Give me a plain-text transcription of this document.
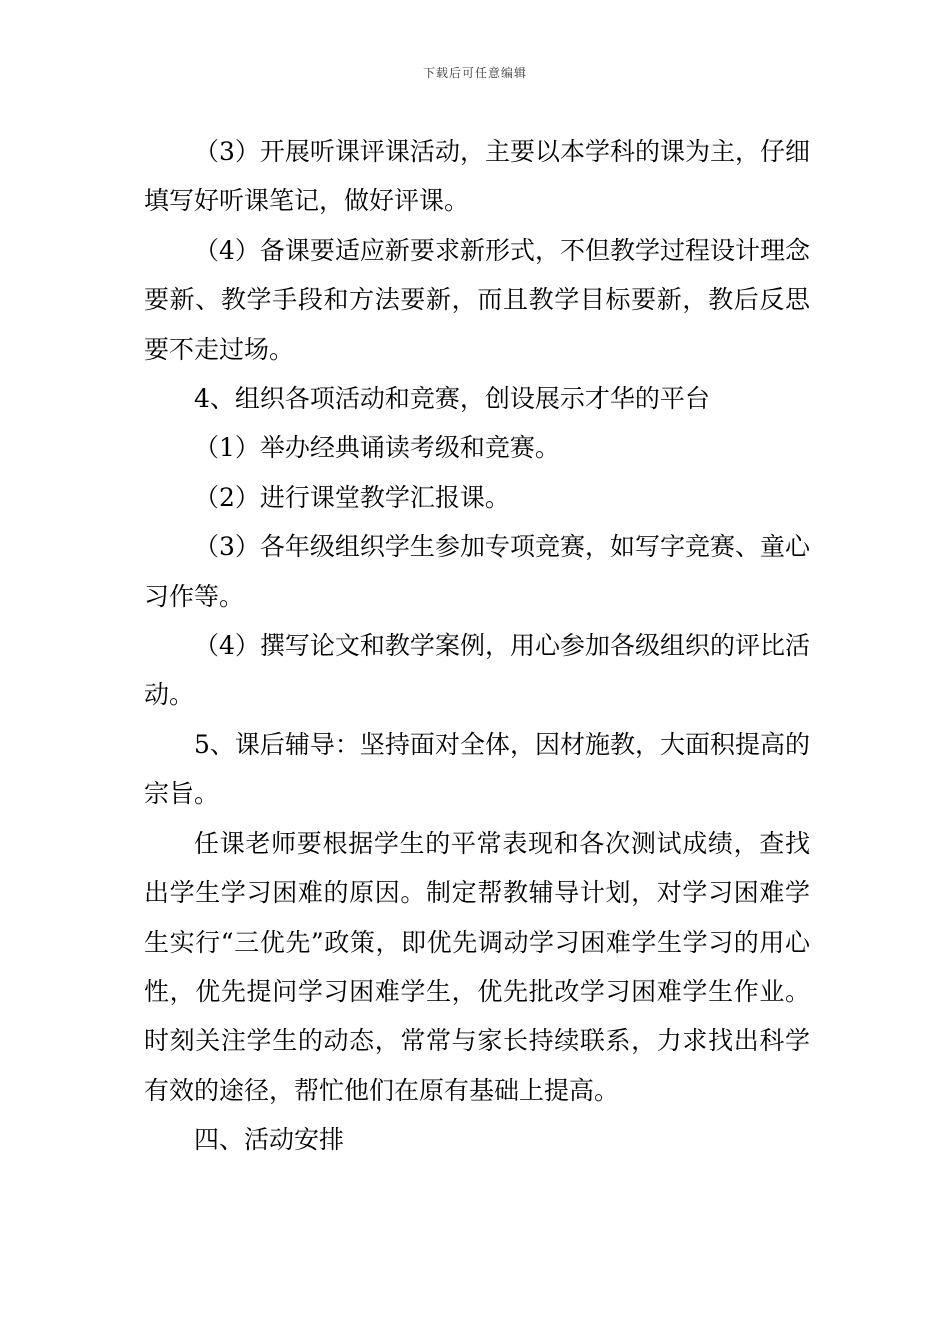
下载后可任意编辑

（3）开展听课评课活动，主要以本学科的课为主，仔细填写好听课笔记，做好评课。

（4）备课要适应新要求新形式，不但教学过程设计理念要新、教学手段和方法要新，而且教学目标要新，教后反思要不走过场。

4、组织各项活动和竞赛，创设展示才华的平台

（1）举办经典诵读考级和竞赛。

（2）进行课堂教学汇报课。

（3）各年级组织学生参加专项竞赛，如写字竞赛、童心习作等。

（4）撰写论文和教学案例，用心参加各级组织的评比活动。

5、课后辅导：坚持面对全体，因材施教，大面积提高的宗旨。

任课老师要根据学生的平常表现和各次测试成绩，查找出学生学习困难的原因。制定帮教辅导计划，对学习困难学生实行“三优先”政策，即优先调动学习困难学生学习的用心性，优先提问学习困难学生，优先批改学习困难学生作业。时刻关注学生的动态，常常与家长持续联系，力求找出科学有效的途径，帮忙他们在原有基础上提高。

四、活动安排
